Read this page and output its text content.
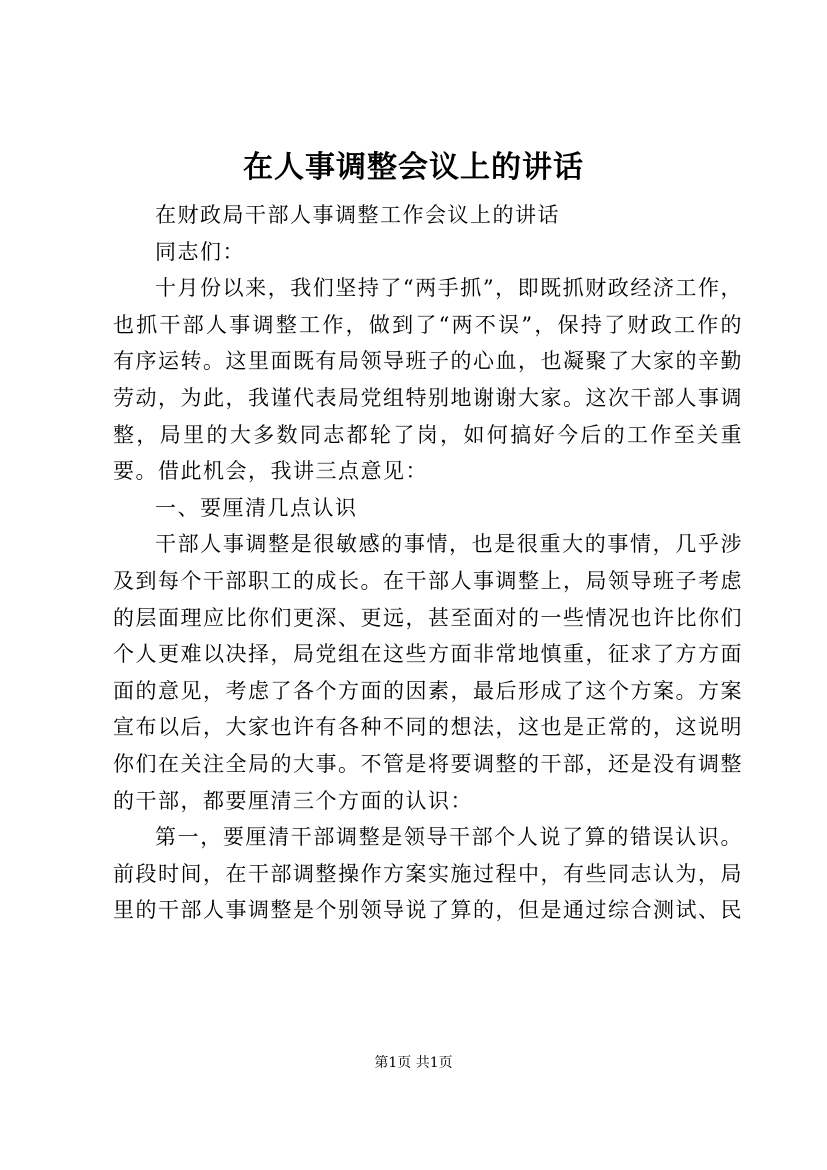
在人事调整会议上的讲话

在财政局干部人事调整工作会议上的讲话

同志们：

十月份以来，我们坚持了“两手抓”，即既抓财政经济工作，也抓干部人事调整工作，做到了“两不误”，保持了财政工作的有序运转。这里面既有局领导班子的心血，也凝聚了大家的辛勤劳动，为此，我谨代表局党组特别地谢谢大家。这次干部人事调整，局里的大多数同志都轮了岗，如何搞好今后的工作至关重要。借此机会，我讲三点意见：

一、要厘清几点认识

干部人事调整是很敏感的事情，也是很重大的事情，几乎涉及到每个干部职工的成长。在干部人事调整上，局领导班子考虑的层面理应比你们更深、更远，甚至面对的一些情况也许比你们个人更难以决择，局党组在这些方面非常地慎重，征求了方方面面的意见，考虑了各个方面的因素，最后形成了这个方案。方案宣布以后，大家也许有各种不同的想法，这也是正常的，这说明你们在关注全局的大事。不管是将要调整的干部，还是没有调整的干部，都要厘清三个方面的认识：

第一，要厘清干部调整是领导干部个人说了算的错误认识。前段时间，在干部调整操作方案实施过程中，有些同志认为，局里的干部人事调整是个别领导说了算的，但是通过综合测试、民

第1页 共1页
